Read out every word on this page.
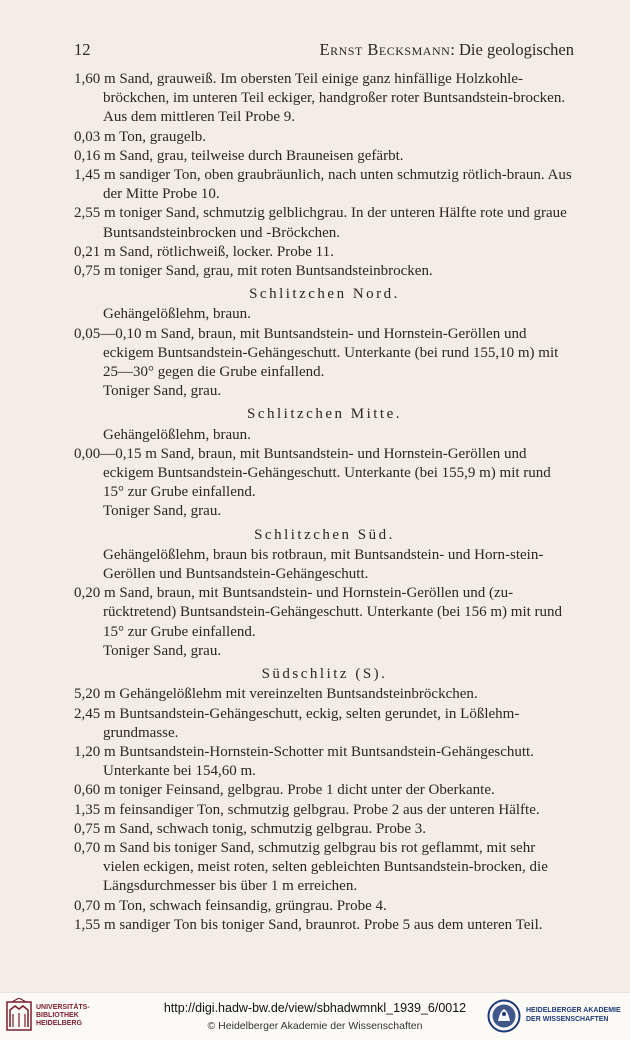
12	Ernst Becksmann: Die geologischen

1,60 m Sand, grauweiß. Im obersten Teil einige ganz hinfällige Holzkohle-bröckchen, im unteren Teil eckiger, handgroßer roter Buntsandstein-brocken. Aus dem mittleren Teil Probe 9.

0,03 m Ton, graugelb.

0,16 m Sand, grau, teilweise durch Brauneisen gefärbt.

1,45 m sandiger Ton, oben graubräunlich, nach unten schmutzig rötlich-braun. Aus der Mitte Probe 10.

2,55 m toniger Sand, schmutzig gelblichgrau. In der unteren Hälfte rote und graue Buntsandsteinbrocken und -Bröckchen.

0,21 m Sand, rötlichweiß, locker. Probe 11.

0,75 m toniger Sand, grau, mit roten Buntsandsteinbrocken.

Schlitzchen Nord.

Gehängelößlehm, braun.

0,05—0,10 m Sand, braun, mit Buntsandstein- und Hornstein-Geröllen und eckigem Buntsandstein-Gehängeschutt. Unterkante (bei rund 155,10 m) mit 25—30° gegen die Grube einfallend.

Toniger Sand, grau.

Schlitzchen Mitte.

Gehängelößlehm, braun.

0,00—0,15 m Sand, braun, mit Buntsandstein- und Hornstein-Geröllen und eckigem Buntsandstein-Gehängeschutt. Unterkante (bei 155,9 m) mit rund 15° zur Grube einfallend.

Toniger Sand, grau.

Schlitzchen Süd.

Gehängelößlehm, braun bis rotbraun, mit Buntsandstein- und Horn-stein-Geröllen und Buntsandstein-Gehängeschutt.

0,20 m Sand, braun, mit Buntsandstein- und Hornstein-Geröllen und (zu-rücktretend) Buntsandstein-Gehängeschutt. Unterkante (bei 156 m) mit rund 15° zur Grube einfallend.

Toniger Sand, grau.

Südschlitz (S).

5,20 m Gehängelößlehm mit vereinzelten Buntsandsteinbröckchen.

2,45 m Buntsandstein-Gehängeschutt, eckig, selten gerundet, in Lößlehm-grundmasse.

1,20 m Buntsandstein-Hornstein-Schotter mit Buntsandstein-Gehängeschutt. Unterkante bei 154,60 m.

0,60 m toniger Feinsand, gelbgrau. Probe 1 dicht unter der Oberkante.

1,35 m feinsandiger Ton, schmutzig gelbgrau. Probe 2 aus der unteren Hälfte.

0,75 m Sand, schwach tonig, schmutzig gelbgrau. Probe 3.

0,70 m Sand bis toniger Sand, schmutzig gelbgrau bis rot geflammt, mit sehr vielen eckigen, meist roten, selten gebleichten Buntsandstein-brocken, die Längsdurchmesser bis über 1 m erreichen.

0,70 m Ton, schwach feinsandig, grüngrau. Probe 4.

1,55 m sandiger Ton bis toniger Sand, braunrot. Probe 5 aus dem unteren Teil.

UNIVERSITÄTS-
BIBLIOTHEK
HEIDELBERG
http://digi.hadw-bw.de/view/sbhadwmnkl_1939_6/0012
© Heidelberger Akademie der Wissenschaften
HEIDELBERGER AKADEMIE
DER WISSENSCHAFTEN
